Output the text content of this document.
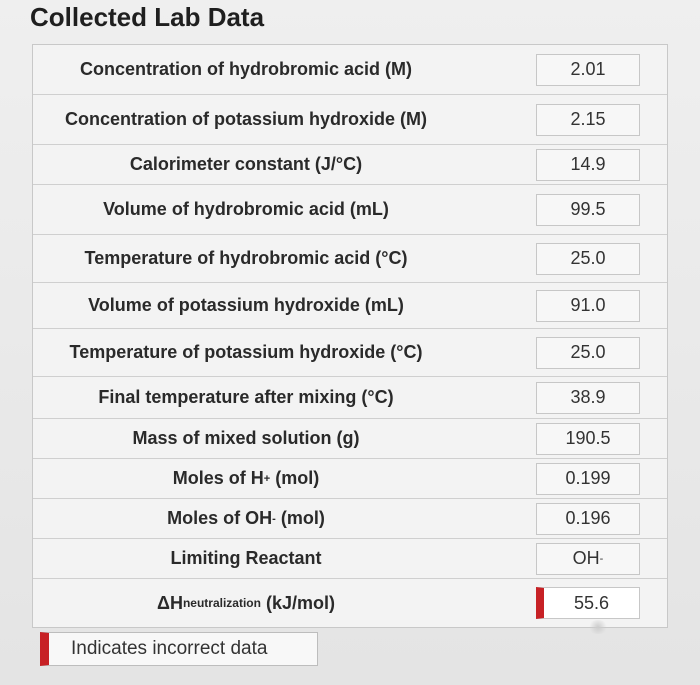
Collected Lab Data
Concentration of hydrobromic acid (M)	2.01
Concentration of potassium hydroxide (M)	2.15
Calorimeter constant (J/°C)	14.9
Volume of hydrobromic acid (mL)	99.5
Temperature of hydrobromic acid (°C)	25.0
Volume of potassium hydroxide (mL)	91.0
Temperature of potassium hydroxide (°C)	25.0
Final temperature after mixing (°C)	38.9
Mass of mixed solution (g)	190.5
Moles of H + (mol)	0.199
Moles of OH - (mol)	0.196
Limiting Reactant	OH -
ΔH neutralization (kJ/mol)	55.6
Indicates incorrect data
